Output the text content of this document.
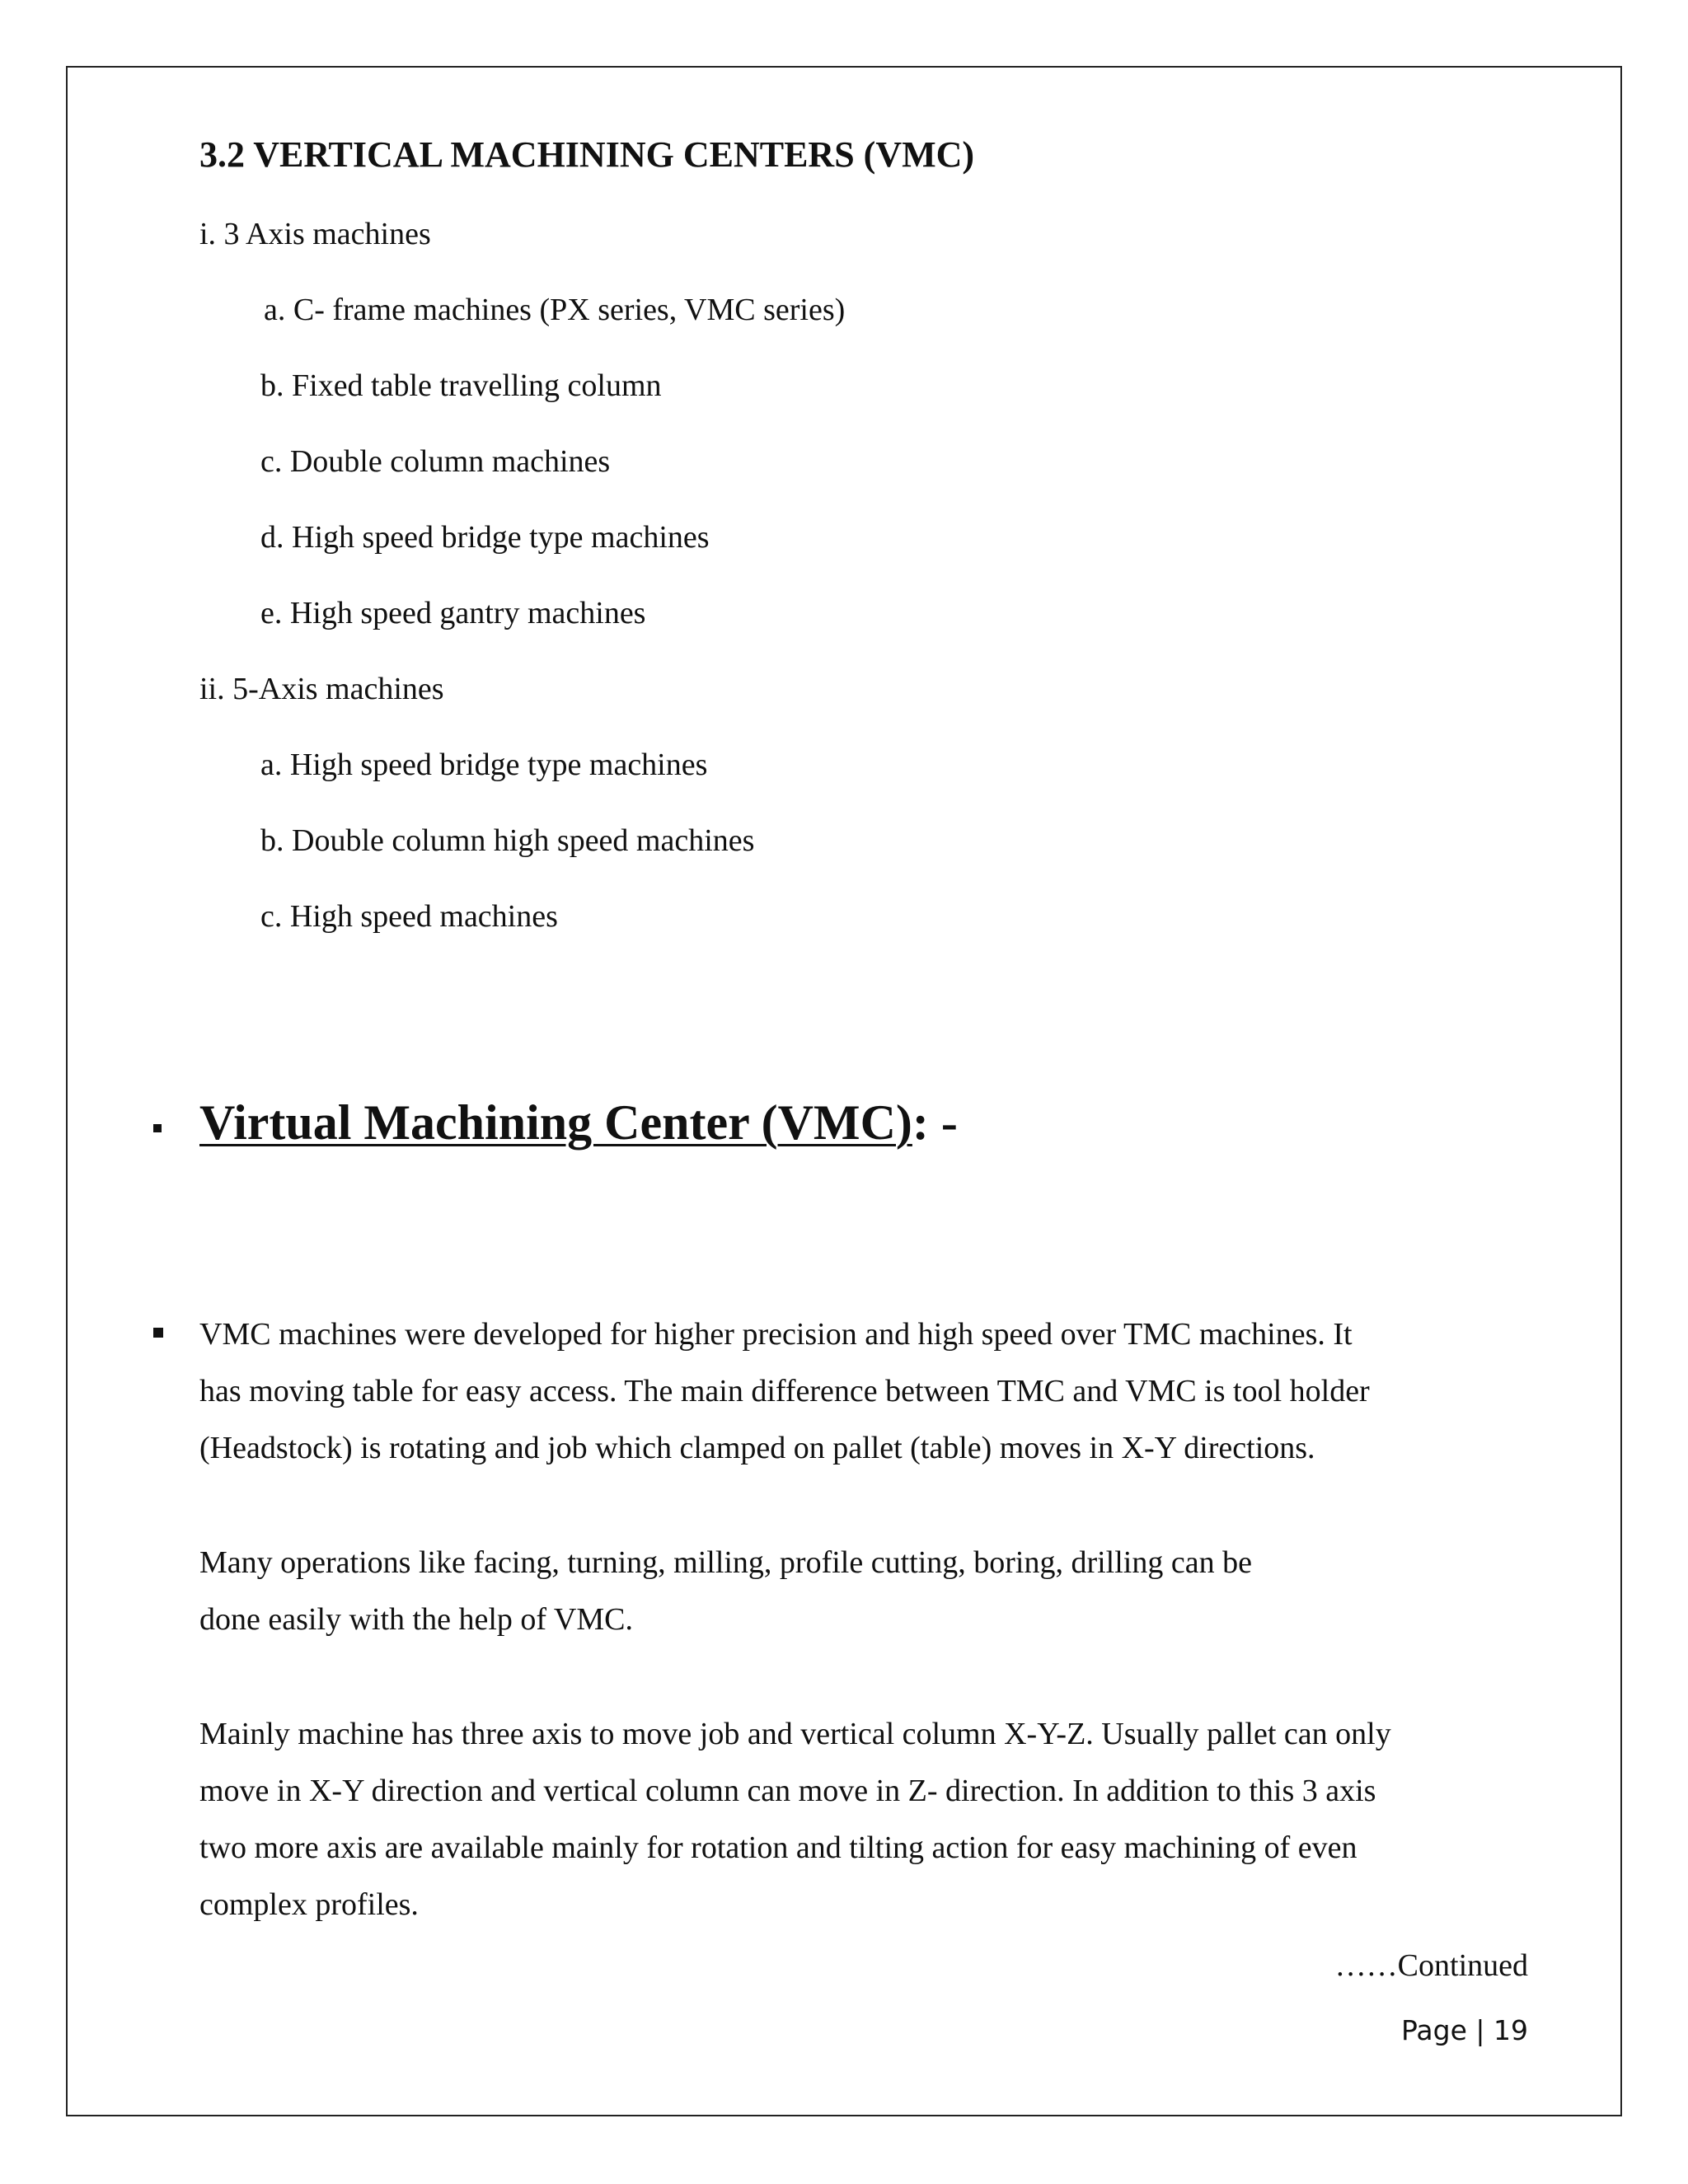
3.2 VERTICAL MACHINING CENTERS (VMC)
i. 3 Axis machines
a. C- frame machines (PX series, VMC series)
b. Fixed table travelling column
c. Double column machines
d. High speed bridge type machines
e. High speed gantry machines
ii. 5-Axis machines
a. High speed bridge type machines
b. Double column high speed machines
c. High speed machines
Virtual Machining Center (VMC): -
VMC machines were developed for higher precision and high speed over TMC machines. It
has moving table for easy access. The main difference between TMC and VMC is tool holder
(Headstock) is rotating and job which clamped on pallet (table) moves in X-Y directions.
Many operations like facing, turning, milling, profile cutting, boring, drilling can be
done easily with the help of VMC.
Mainly machine has three axis to move job and vertical column X-Y-Z. Usually pallet can only
move in X-Y direction and vertical column can move in Z- direction. In addition to this 3 axis
two more axis are available mainly for rotation and tilting action for easy machining of even
complex profiles.
……Continued
Page | 19
